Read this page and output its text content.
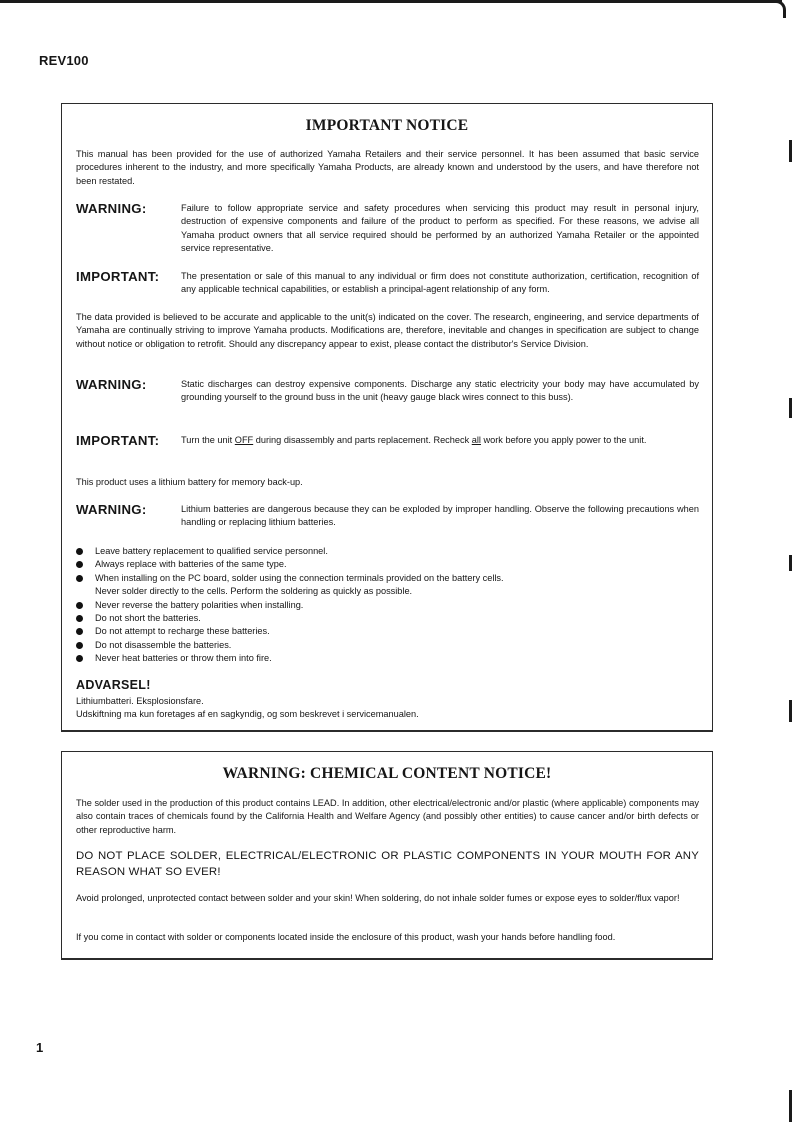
REV100
IMPORTANT NOTICE
This manual has been provided for the use of authorized Yamaha Retailers and their service personnel. It has been assumed that basic service procedures inherent to the industry, and more specifically Yamaha Products, are already known and understood by the users, and have therefore not been restated.
WARNING:	Failure to follow appropriate service and safety procedures when servicing this product may result in personal injury, destruction of expensive components and failure of the product to perform as specified. For these reasons, we advise all Yamaha product owners that all service required should be performed by an authorized Yamaha Retailer or the appointed service representative.
IMPORTANT: The presentation or sale of this manual to any individual or firm does not constitute authorization, certification, recognition of any applicable technical capabilities, or establish a principal-agent relationship of any form.
The data provided is believed to be accurate and applicable to the unit(s) indicated on the cover. The research, engineering, and service departments of Yamaha are continually striving to improve Yamaha products. Modifications are, therefore, inevitable and changes in specification are subject to change without notice or obligation to retrofit. Should any discrepancy appear to exist, please contact the distributor's Service Division.
WARNING:	Static discharges can destroy expensive components. Discharge any static electricity your body may have accumulated by grounding yourself to the ground buss in the unit (heavy gauge black wires connect to this buss).
IMPORTANT: Turn the unit OFF during disassembly and parts replacement. Recheck all work before you apply power to the unit.
This product uses a lithium battery for memory back-up.
WARNING:	Lithium batteries are dangerous because they can be exploded by improper handling. Observe the following precautions when handling or replacing lithium batteries.
Leave battery replacement to qualified service personnel.
Always replace with batteries of the same type.
When installing on the PC board, solder using the connection terminals provided on the battery cells.
Never solder directly to the cells. Perform the soldering as quickly as possible.
Never reverse the battery polarities when installing.
Do not short the batteries.
Do not attempt to recharge these batteries.
Do not disassemble the batteries.
Never heat batteries or throw them into fire.
ADVARSEL!
Lithiumbatteri. Eksplosionsfare.
Udskiftning ma kun foretages af en sagkyndig, og som beskrevet i servicemanualen.
WARNING: CHEMICAL CONTENT NOTICE!
The solder used in the production of this product contains LEAD. In addition, other electrical/electronic and/or plastic (where applicable) components may also contain traces of chemicals found by the California Health and Welfare Agency (and possibly other entities) to cause cancer and/or birth defects or other reproductive harm.
DO NOT PLACE SOLDER, ELECTRICAL/ELECTRONIC OR PLASTIC COMPONENTS IN YOUR MOUTH FOR ANY REASON WHAT SO EVER!
Avoid prolonged, unprotected contact between solder and your skin! When soldering, do not inhale solder fumes or expose eyes to solder/flux vapor!
If you come in contact with solder or components located inside the enclosure of this product, wash your hands before handling food.
1
